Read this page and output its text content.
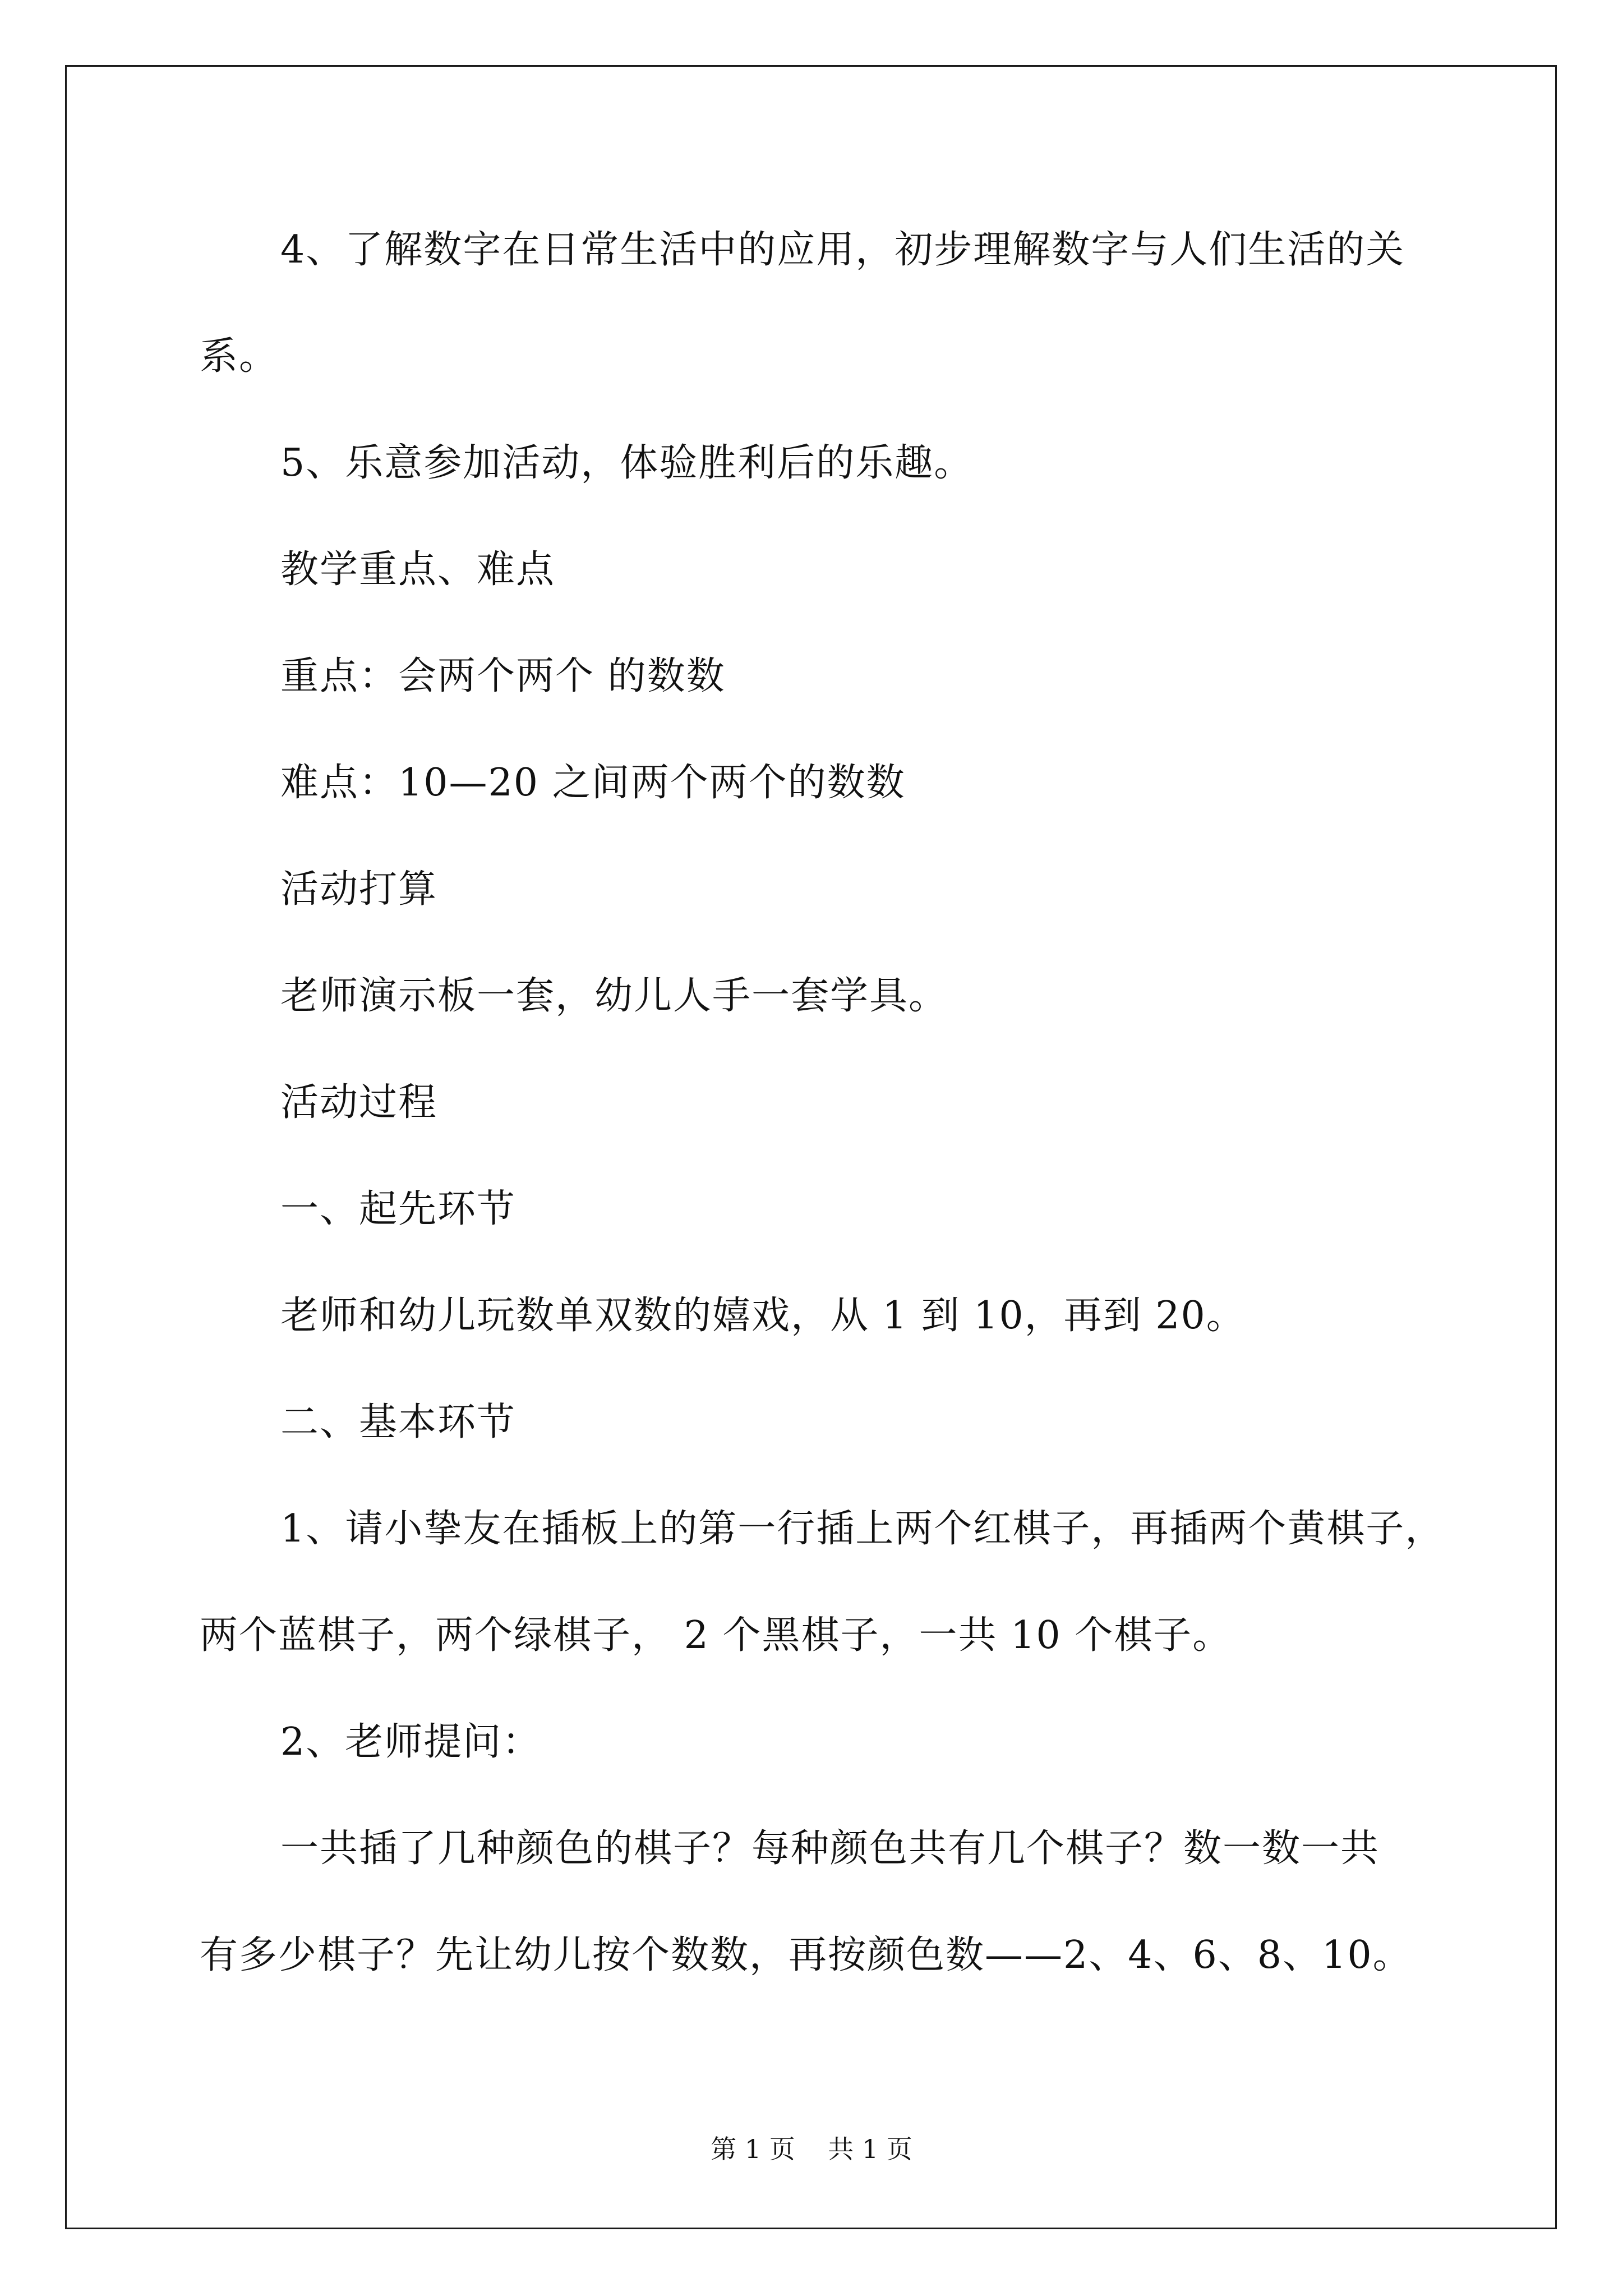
4、了解数字在日常生活中的应用，初步理解数字与人们生活的关
系。
5、乐意参加活动，体验胜利后的乐趣。
教学重点、难点
重点：会两个两个 的数数
难点：10—20 之间两个两个的数数
活动打算
老师演示板一套，幼儿人手一套学具。
活动过程
一、起先环节
老师和幼儿玩数单双数的嬉戏，从 1 到 10，再到 20。
二、基本环节
1、请小挚友在插板上的第一行插上两个红棋子，再插两个黄棋子，
两个蓝棋子，两个绿棋子， 2 个黑棋子，一共 10 个棋子。
2、老师提问：
一共插了几种颜色的棋子？每种颜色共有几个棋子？数一数一共
有多少棋子？先让幼儿按个数数，再按颜色数——2、4、6、8、10。
第 1 页    共 1 页
